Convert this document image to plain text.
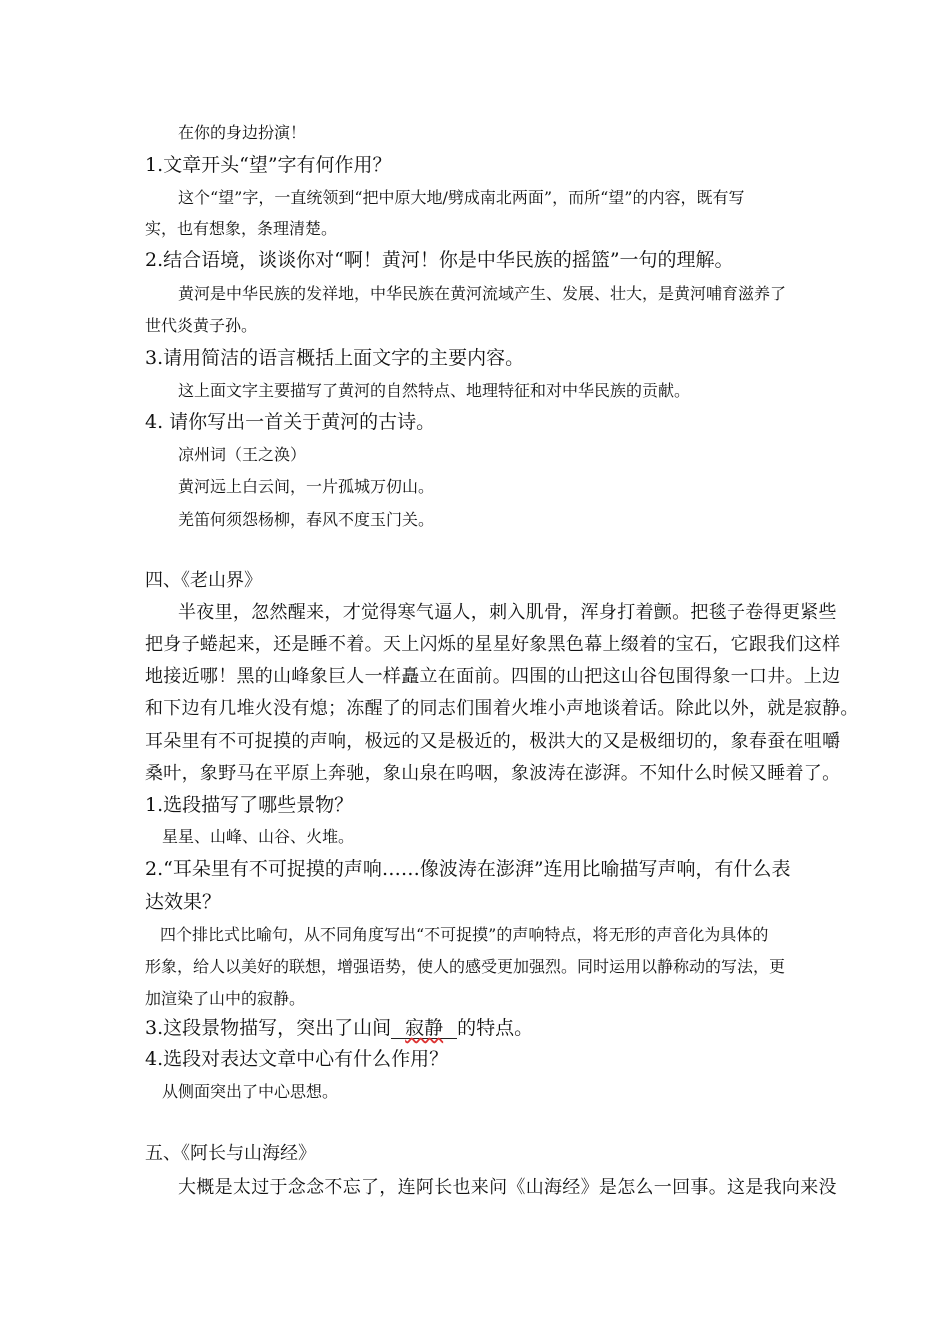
在你的身边扮演！
1.文章开头“望”字有何作用？
这个“望”字，一直统领到“把中原大地/劈成南北两面”，而所“望”的内容，既有写
实，也有想象，条理清楚。
2.结合语境，谈谈你对“啊！黄河！你是中华民族的摇篮”一句的理解。
黄河是中华民族的发祥地，中华民族在黄河流域产生、发展、壮大，是黄河哺育滋养了
世代炎黄子孙。
3.请用简洁的语言概括上面文字的主要内容。
这上面文字主要描写了黄河的自然特点、地理特征和对中华民族的贡献。
4. 请你写出一首关于黄河的古诗。
凉州词（王之涣）
黄河远上白云间，一片孤城万仞山。
羌笛何须怨杨柳，春风不度玉门关。
四、《老山界》
半夜里，忽然醒来，才觉得寒气逼人，刺入肌骨，浑身打着颤。把毯子卷得更紧些
把身子蜷起来，还是睡不着。天上闪烁的星星好象黑色幕上缀着的宝石，它跟我们这样
地接近哪！黑的山峰象巨人一样矗立在面前。四围的山把这山谷包围得象一口井。上边
和下边有几堆火没有熄；冻醒了的同志们围着火堆小声地谈着话。除此以外，就是寂静。
耳朵里有不可捉摸的声响，极远的又是极近的，极洪大的又是极细切的，象春蚕在咀嚼
桑叶，象野马在平原上奔驰，象山泉在呜咽，象波涛在澎湃。不知什么时候又睡着了。
1.选段描写了哪些景物？
星星、山峰、山谷、火堆。
2.“耳朵里有不可捉摸的声响……像波涛在澎湃”连用比喻描写声响，有什么表
达效果？
四个排比式比喻句，从不同角度写出“不可捉摸”的声响特点，将无形的声音化为具体的
形象，给人以美好的联想，增强语势，使人的感受更加强烈。同时运用以静称动的写法，更
加渲染了山中的寂静。
3.这段景物描写，突出了山间 寂静 的特点。
4.选段对表达文章中心有什么作用？
从侧面突出了中心思想。
五、《阿长与山海经》
大概是太过于念念不忘了，连阿长也来问《山海经》是怎么一回事。这是我向来没
